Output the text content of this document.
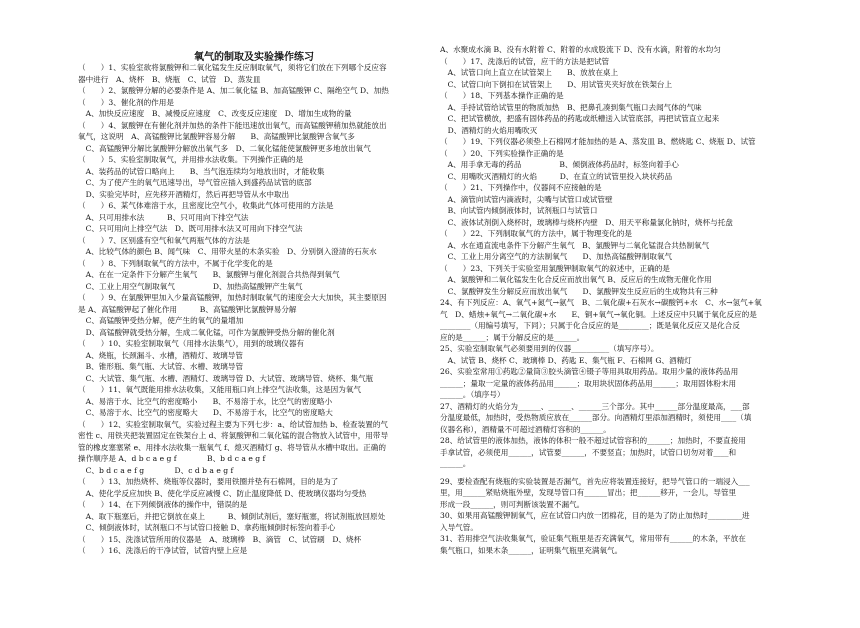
氧气的制取及实验操作练习
（　　）1、实验室欲将氯酸钾和二氧化锰发生反应制取氧气，须将它们放在下列哪个反应容
器中进行　A、烧杯　B、烧瓶　C、试管　D、蒸发皿
（　　）2、氯酸钾分解的必要条件是 A、加二氧化锰 B、加高锰酸钾 C、隔绝空气 D、加热
（　　）3、催化剂的作用是
　A、加快反应速度　B、减慢反应速度　C、改变反应速度　D、增加生成物的量
（　　）4、氯酸钾在有催化剂并加热的条件下能迅速放出氧气，而高锰酸钾稍加热就能放出
氧气，这说明　A、高锰酸钾比氯酸钾容易分解　　B、高锰酸钾比氯酸钾含氧气多
　C、高锰酸钾分解比氯酸钾分解放出氧气多　D、二氧化锰能使氯酸钾更多地放出氧气
（　　）5、实验室制取氧气，并用排水法收集。下列操作正确的是
　A、装药品的试管口略向上　　B、当气泡连续均匀地放出时，才能收集
　C、为了使产生的氧气迅速导出，导气管应插入到盛药品试管的底部
　D、实验完毕时，应先移开酒精灯，然后再把导管从水中取出
（　　）6、某气体难溶于水，且密度比空气小，收集此气体可使用的方法是
　A、只可用排水法　　　B、只可用向下排空气法
　C、只可用向上排空气法　D、既可用排水法又可用向下排空气法
（　　）7、区别盛有空气和氧气两瓶气体的方法是
　A、比较气体的颜色 B、闻气味　C、用带火星的木条实验　D、分别倒入澄清的石灰水
（　　）8、下列制取氧气的方法中，不属于化学变化的是
　A、在在一定条件下分解产生氧气　　B、氯酸钾与催化剂混合共热得到氧气
　C、工业上用空气制取氧气　　　　　D、加热高锰酸钾产生氧气
（　　）9、在氯酸钾里加入少量高锰酸钾，加热时制取氧气的速度会大大加快，其主要原因
是 A、高锰酸钾起了催化作用　　　B、高锰酸钾比氯酸钾易分解
　C、高锰酸钾受热分解，使产生的氧气的量增加
　D、高锰酸钾就受热分解，生成二氧化锰，可作为氯酸钾受热分解的催化剂
（　　）10、实验室制取氧气（用排水法集气），用到的玻璃仪器有
　A、烧瓶，长颈漏斗、水槽，酒精灯、玻璃导管
　B、锥形瓶、集气瓶、大试管、水槽、玻璃导管
　C、大试管、集气瓶、水槽、酒精灯、玻璃导管 D、大试管、玻璃导管、烧杯、集气瓶
（　　）11、氧气既能用排水法收集，又能用瓶口向上排空气法收集，这是因为氧气
　A、易溶于水、比空气的密度略小　　B、不易溶于水，比空气的密度略小
　C、易溶于水、比空气的密度略大　　D、不易溶于水，比空气的密度略大
（　　）12、实验室制取氧气，实验过程主要为下列七步：a、给试管加热 b、检查装置的气
密性 c、用铁夹把装置固定在铁架台上 d、将氯酸钾和二氧化锰的混合物放入试管中，用带导
管的橡皮塞塞紧 e、用排水法收集一瓶氧气 f、熄灭酒精灯 g、将导管从水槽中取出。正确的
操作顺序是 A、d b c a e g f　　　　B、b d c a e g f
　C、b d c a e f g　　　　D、c d b a e g f
（　　）13、加热烧杯、烧瓶等仪器时，要用铁圈并垫有石棉网，目的是为了
　A、使化学反应加快 B、使化学反应减慢 C、防止温度降低 D、使玻璃仪器均匀受热
（　　）14、在下列倾倒液体的操作中，错误的是
　A、取下瓶塞后，并把它倒放在桌上　　　B、倾倒试剂后，塞好瓶塞，将试剂瓶放回原处
　C、倾倒液体时，试剂瓶口不与试管口接触 D、拿药瓶倾倒时标签向着手心
（　　）15、洗涤试管所用的仪器是　A、玻璃棒　B、滴管　C、试管刷　D、烧杯
（　　）16、洗涤后的干净试管，试管内壁上应是
A、水聚成水滴 B、没有水附着 C、附着的水成股流下 D、没有水滴，附着的水均匀
（　　）17、洗涤后的试管，应干的方法是把试管
　A、试管口向上直立在试管架上　　B、放放在桌上
　C、试管口向下倒扣在试管架上　　D、用试管夹夹好放在铁架台上
（　　）18、下列基本操作正确的是
　A、手持试管给试管里的物质加热　B、把鼻孔凑到集气瓶口去闻气体的气味
　C、把试管横放，把盛有固体药品的药匙或纸槽送入试管底部，再把试管直立起来
　D、酒精灯的火焰用嘴吹灭
（　　）19、下列仪器必须垫上石棉网才能加热的是 A、蒸发皿 B、燃烧匙 C、烧瓶 D、试管
（　　）20、下列实验操作正确的是
　A、用手拿无毒的药品　　　　　B、倾倒液体药品时，标签向着手心
　C、用嘴吹灭酒精灯的火焰　　　D、在直立的试管里投入块状药品
（　　）21、下列操作中，仪器间不应接触的是
　A、滴管向试管内滴液时，尖嘴与试管口或试管壁
　B、向试管内倾倒液体时，试剂瓶口与试管口
　C、液体试剂倒入烧杯时，玻璃棒与烧杯内壁　D、用天平称量氯化钠时，烧杯与托盘
（　　）22、下列制取氧气的方法中，属于物理变化的是
　A、水在通直流电条件下分解产生氧气　B、氯酸钾与二氧化锰混合共热制氧气
　C、工业上用分离空气的方法制氧气　　D、加热高锰酸钾制取氧气
（　　）23、下列关于实验室用氯酸钾制取氧气的叙述中，正确的是
　A、氯酸钾和二氧化锰发生化合反应而放出氧气 B、反应后的生成物无催化作用
　C、氯酸钾发生分解反应而放出氧气　　D、氯酸钾发生反应后的生成物共有三种
24、有下列反应：A、氧气+氮气→氨气　B、二氧化碳+石灰水→碳酸钙+水　C、水→氢气+氧
气　D、蜡烛+氧气→二氧化碳+水　　E、铜+氧气→氧化铜。上述反应中只属于氧化反应的是
________（用编号填写，下同）；只属于化合反应的是________；既是氧化反应又是化合反
应的是______；属于分解反应的是______。
25、实验室制取氧气必须要用到的仪器__________（填写序号）。
　A、试管 B、烧杯 C、玻璃棒 D、药匙 E、集气瓶 F、石棉网 G、酒精灯
26、实验室常用①药匙②量筒③胶头滴管④镊子等用具取用药品。取用少量的液体药品用
______；量取一定量的液体药品用______；取用块状固体药品用______；取用固体粉末用
______。（填序号）
27、酒精灯的火焰分为______、______、______三个部分。其中______部分温度最高，___部
分温度最低，加热时，受热物质应放在______部分。向酒精灯里添加酒精时，须使用____（填
仪器名称），酒精量不可超过酒精灯容积的______。
28、给试管里的液体加热，液体的体积一般不超过试管容积的______；加热时，不要直接用
手拿试管，必须使用______，试管要______，不要竖直；加热时，试管口切勿对着____和
______。
29、要检查配有烧瓶的实验装置是否漏气，首先应将装置连接好，把导气管口的一端浸入___
里，用______紧贴烧瓶外壁，发现导管口有______冒出；把______移开，一会儿，导管里
形成一段______，则可判断该装置不漏气。
30、如果用高锰酸钾制氧气，应在试管口内放一团棉花，目的是为了防止加热时_________进
入导气管。
31、若用排空气法收集氧气，验证集气瓶里是否充满氧气，常用带有______的木条，平放在
集气瓶口，如果木条______，证明集气瓶里充满氧气。
